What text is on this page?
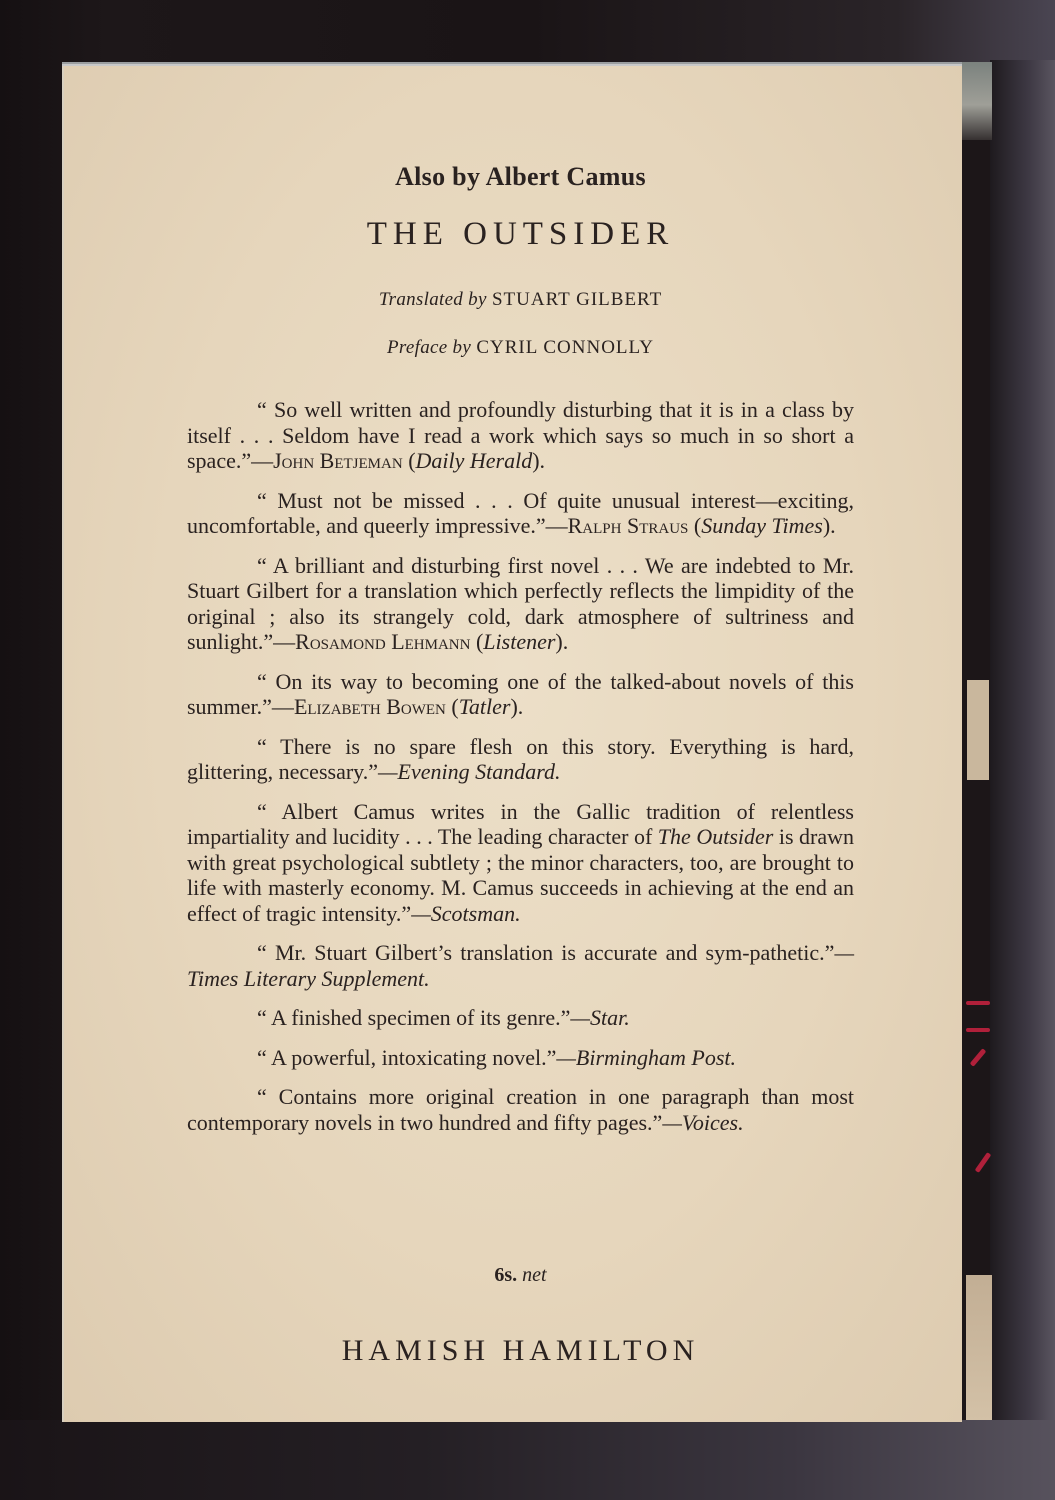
Also by Albert Camus
THE OUTSIDER
Translated by STUART GILBERT
Preface by CYRIL CONNOLLY

“ So well written and profoundly disturbing that it is in a class by itself . . . Seldom have I read a work which says so much in so short a space.”—John Betjeman (Daily Herald).

“ Must not be missed . . . Of quite unusual interest—exciting, uncomfortable, and queerly impressive.”—Ralph Straus (Sunday Times).

“ A brilliant and disturbing first novel . . . We are indebted to Mr. Stuart Gilbert for a translation which perfectly reflects the limpidity of the original ; also its strangely cold, dark atmosphere of sultriness and sunlight.”—Rosamond Lehmann (Listener).

“ On its way to becoming one of the talked-about novels of this summer.”—Elizabeth Bowen (Tatler).

“ There is no spare flesh on this story. Everything is hard, glittering, necessary.”—Evening Standard.

“ Albert Camus writes in the Gallic tradition of relentless impartiality and lucidity . . . The leading character of The Outsider is drawn with great psychological subtlety ; the minor characters, too, are brought to life with masterly economy. M. Camus succeeds in achieving at the end an effect of tragic intensity.”—Scotsman.

“ Mr. Stuart Gilbert’s translation is accurate and sym-pathetic.”—Times Literary Supplement.

“ A finished specimen of its genre.”—Star.

“ A powerful, intoxicating novel.”—Birmingham Post.

“ Contains more original creation in one paragraph than most contemporary novels in two hundred and fifty pages.”—Voices.

6s. net
HAMISH HAMILTON
